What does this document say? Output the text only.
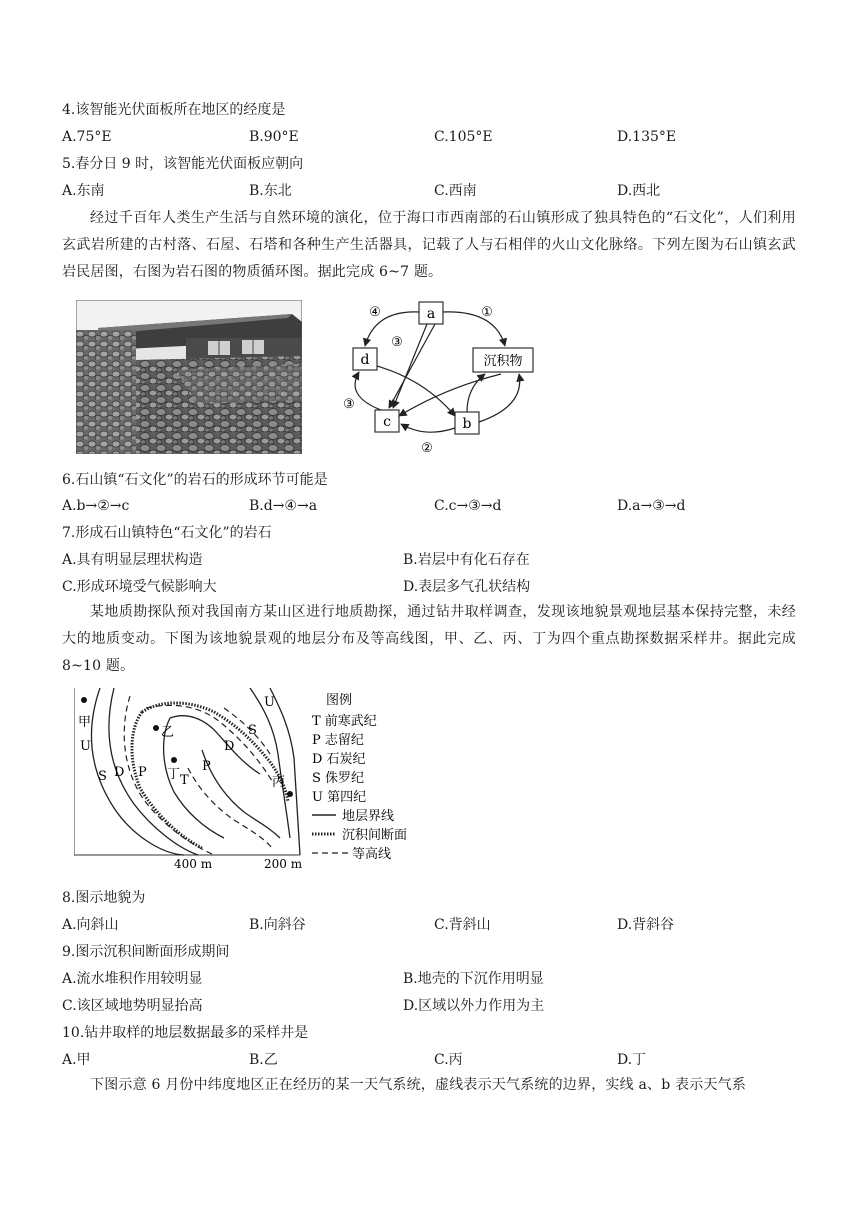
4.该智能光伏面板所在地区的经度是
A.75°E	B.90°E	C.105°E	D.135°E
5.春分日 9 时，该智能光伏面板应朝向
A.东南	B.东北	C.西南	D.西北
经过千百年人类生产生活与自然环境的演化，位于海口市西南部的石山镇形成了独具特色的“石文化”，人们利用玄武岩所建的古村落、石屋、石塔和各种生产生活器具，记载了人与石相伴的火山文化脉络。下列左图为石山镇玄武岩民居图，右图为岩石图的物质循环图。据此完成 6~7 题。
a
d	沉积物
c	b
④	①
③
③
②
6.石山镇“石文化”的岩石的形成环节可能是
A.b→②→c	B.d→④→a	C.c→③→d	D.a→③→d
7.形成石山镇特色“石文化”的岩石
A.具有明显层理状构造	B.岩层中有化石存在
C.形成环境受气候影响大	D.表层多气孔状结构
某地质勘探队预对我国南方某山区进行地质勘探，通过钻井取样调查，发现该地貌景观地层基本保持完整，未经大的地质变动。下图为该地貌景观的地层分布及等高线图，甲、乙、丙、丁为四个重点勘探数据采样井。据此完成 8~10 题。
甲
乙
丙
丁
U
S D P
T
P
D
S
U
400 m	200 m
图例
T 前寒武纪
P 志留纪
D 石炭纪
S 侏罗纪
U 第四纪
地层界线
沉积间断面
等高线
8.图示地貌为
A.向斜山	B.向斜谷	C.背斜山	D.背斜谷
9.图示沉积间断面形成期间
A.流水堆积作用较明显	B.地壳的下沉作用明显
C.该区域地势明显抬高	D.区域以外力作用为主
10.钻井取样的地层数据最多的采样井是
A.甲	B.乙	C.丙	D.丁
下图示意 6 月份中纬度地区正在经历的某一天气系统，虚线表示天气系统的边界，实线 a、b 表示天气系
